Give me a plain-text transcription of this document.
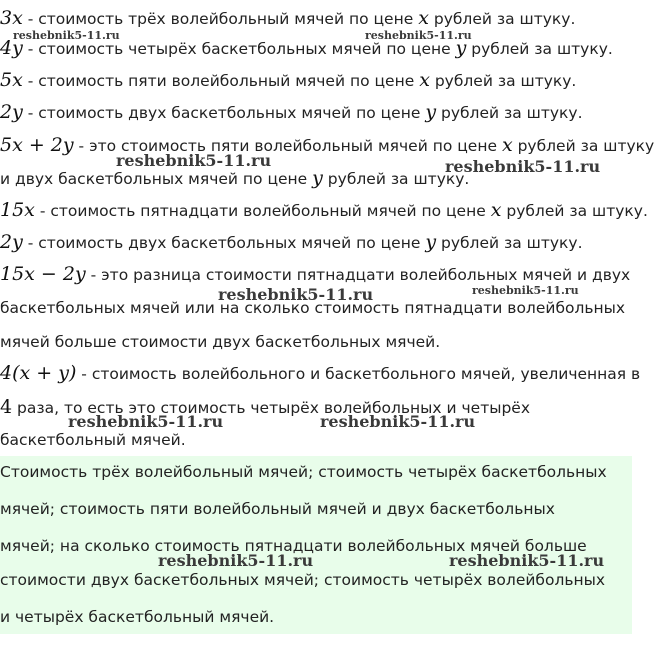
3x - стоимость трёх волейбольный мячей по цене x рублей за штуку.
4y - стоимость четырёх баскетбольных мячей по цене y рублей за штуку.
5x - стоимость пяти волейбольный мячей по цене x рублей за штуку.
2y - стоимость двух баскетбольных мячей по цене y рублей за штуку.
5x + 2y - это стоимость пяти волейбольный мячей по цене x рублей за штуку
и двух баскетбольных мячей по цене y рублей за штуку.
15x - стоимость пятнадцати волейбольный мячей по цене x рублей за штуку.
2y - стоимость двух баскетбольных мячей по цене y рублей за штуку.
15x − 2y - это разница стоимости пятнадцати волейбольных мячей и двух
баскетбольных мячей или на сколько стоимость пятнадцати волейбольных
мячей больше стоимости двух баскетбольных мячей.
4(x + y) - стоимость волейбольного и баскетбольного мячей, увеличенная в
4 раза, то есть это стоимость четырёх волейбольных и четырёх
баскетбольный мячей.
Стоимость трёх волейбольный мячей; стоимость четырёх баскетбольных
мячей; стоимость пяти волейбольный мячей и двух баскетбольных
мячей; на сколько стоимость пятнадцати волейбольных мячей больше
стоимости двух баскетбольных мячей; стоимость четырёх волейбольных
и четырёх баскетбольный мячей.
reshebnik5-11.ru	reshebnik5-11.ru
reshebnik5-11.ru	reshebnik5-11.ru
reshebnik5-11.ru	reshebnik5-11.ru
reshebnik5-11.ru	reshebnik5-11.ru
reshebnik5-11.ru	reshebnik5-11.ru
